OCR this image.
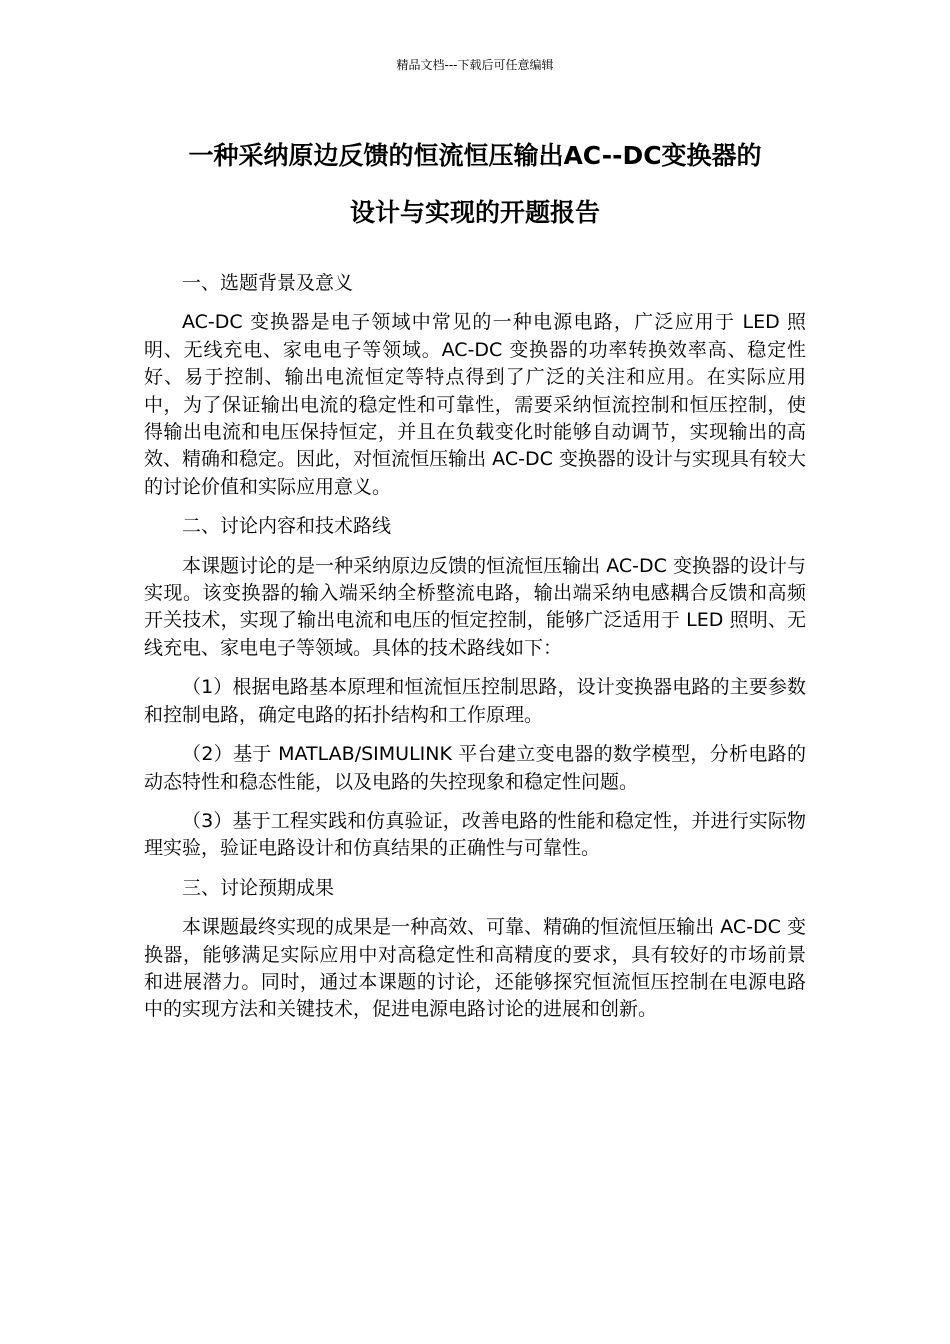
精品文档---下载后可任意编辑
一种采纳原边反馈的恒流恒压输出AC--DC变换器的
设计与实现的开题报告

一、选题背景及意义

AC-DC 变换器是电子领域中常见的一种电源电路，广泛应用于 LED 照明、无线充电、家电电子等领域。AC-DC 变换器的功率转换效率高、稳定性好、易于控制、输出电流恒定等特点得到了广泛的关注和应用。在实际应用中，为了保证输出电流的稳定性和可靠性，需要采纳恒流控制和恒压控制，使得输出电流和电压保持恒定，并且在负载变化时能够自动调节，实现输出的高效、精确和稳定。因此，对恒流恒压输出 AC-DC 变换器的设计与实现具有较大的讨论价值和实际应用意义。

二、讨论内容和技术路线

本课题讨论的是一种采纳原边反馈的恒流恒压输出 AC-DC 变换器的设计与实现。该变换器的输入端采纳全桥整流电路，输出端采纳电感耦合反馈和高频开关技术，实现了输出电流和电压的恒定控制，能够广泛适用于 LED 照明、无线充电、家电电子等领域。具体的技术路线如下：

（1）根据电路基本原理和恒流恒压控制思路，设计变换器电路的主要参数和控制电路，确定电路的拓扑结构和工作原理。

（2）基于 MATLAB/SIMULINK 平台建立变电器的数学模型，分析电路的动态特性和稳态性能，以及电路的失控现象和稳定性问题。

（3）基于工程实践和仿真验证，改善电路的性能和稳定性，并进行实际物理实验，验证电路设计和仿真结果的正确性与可靠性。

三、讨论预期成果

本课题最终实现的成果是一种高效、可靠、精确的恒流恒压输出 AC-DC 变换器，能够满足实际应用中对高稳定性和高精度的要求，具有较好的市场前景和进展潜力。同时，通过本课题的讨论，还能够探究恒流恒压控制在电源电路中的实现方法和关键技术，促进电源电路讨论的进展和创新。
